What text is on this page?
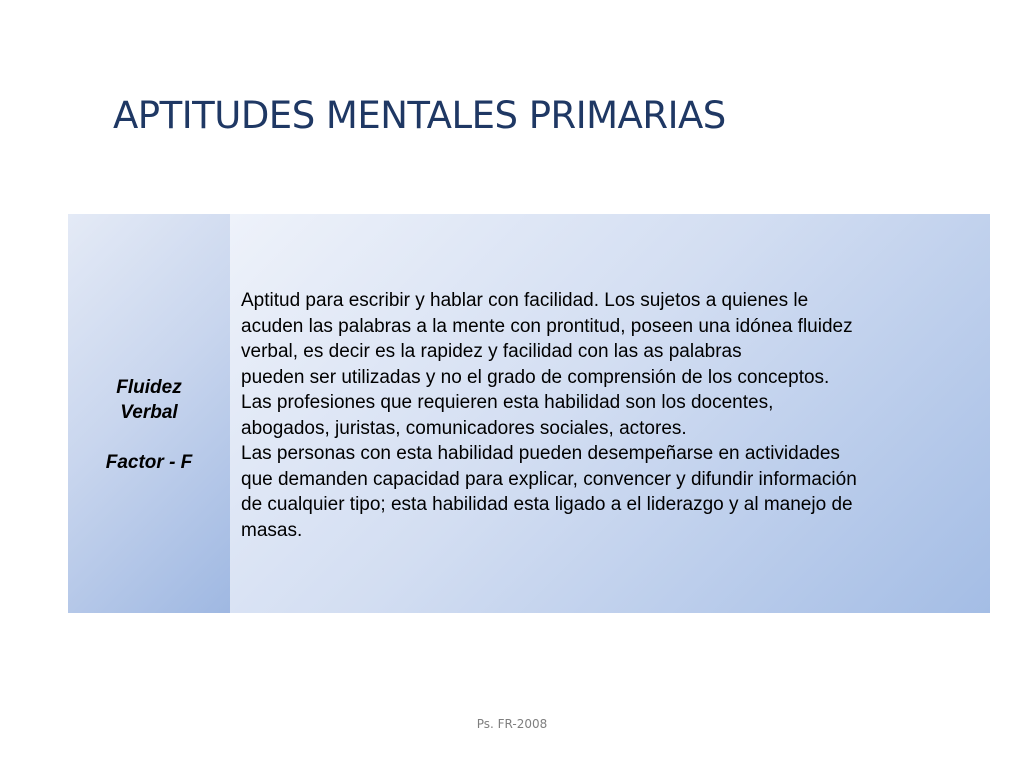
APTITUDES MENTALES PRIMARIAS
Fluidez
Verbal
Factor - F

Aptitud para escribir y hablar con facilidad. Los sujetos a quienes le
acuden las palabras a la mente con prontitud, poseen una idónea fluidez
verbal, es decir es la rapidez y facilidad con las as palabras
pueden ser utilizadas y no el grado de comprensión de los conceptos.
Las profesiones que requieren esta habilidad son los docentes,
abogados, juristas, comunicadores sociales, actores.
Las personas con esta habilidad pueden desempeñarse en actividades
que demanden capacidad para explicar, convencer y difundir información
de cualquier tipo; esta habilidad esta ligado a el liderazgo y al manejo de
masas.

Ps. FR-2008
